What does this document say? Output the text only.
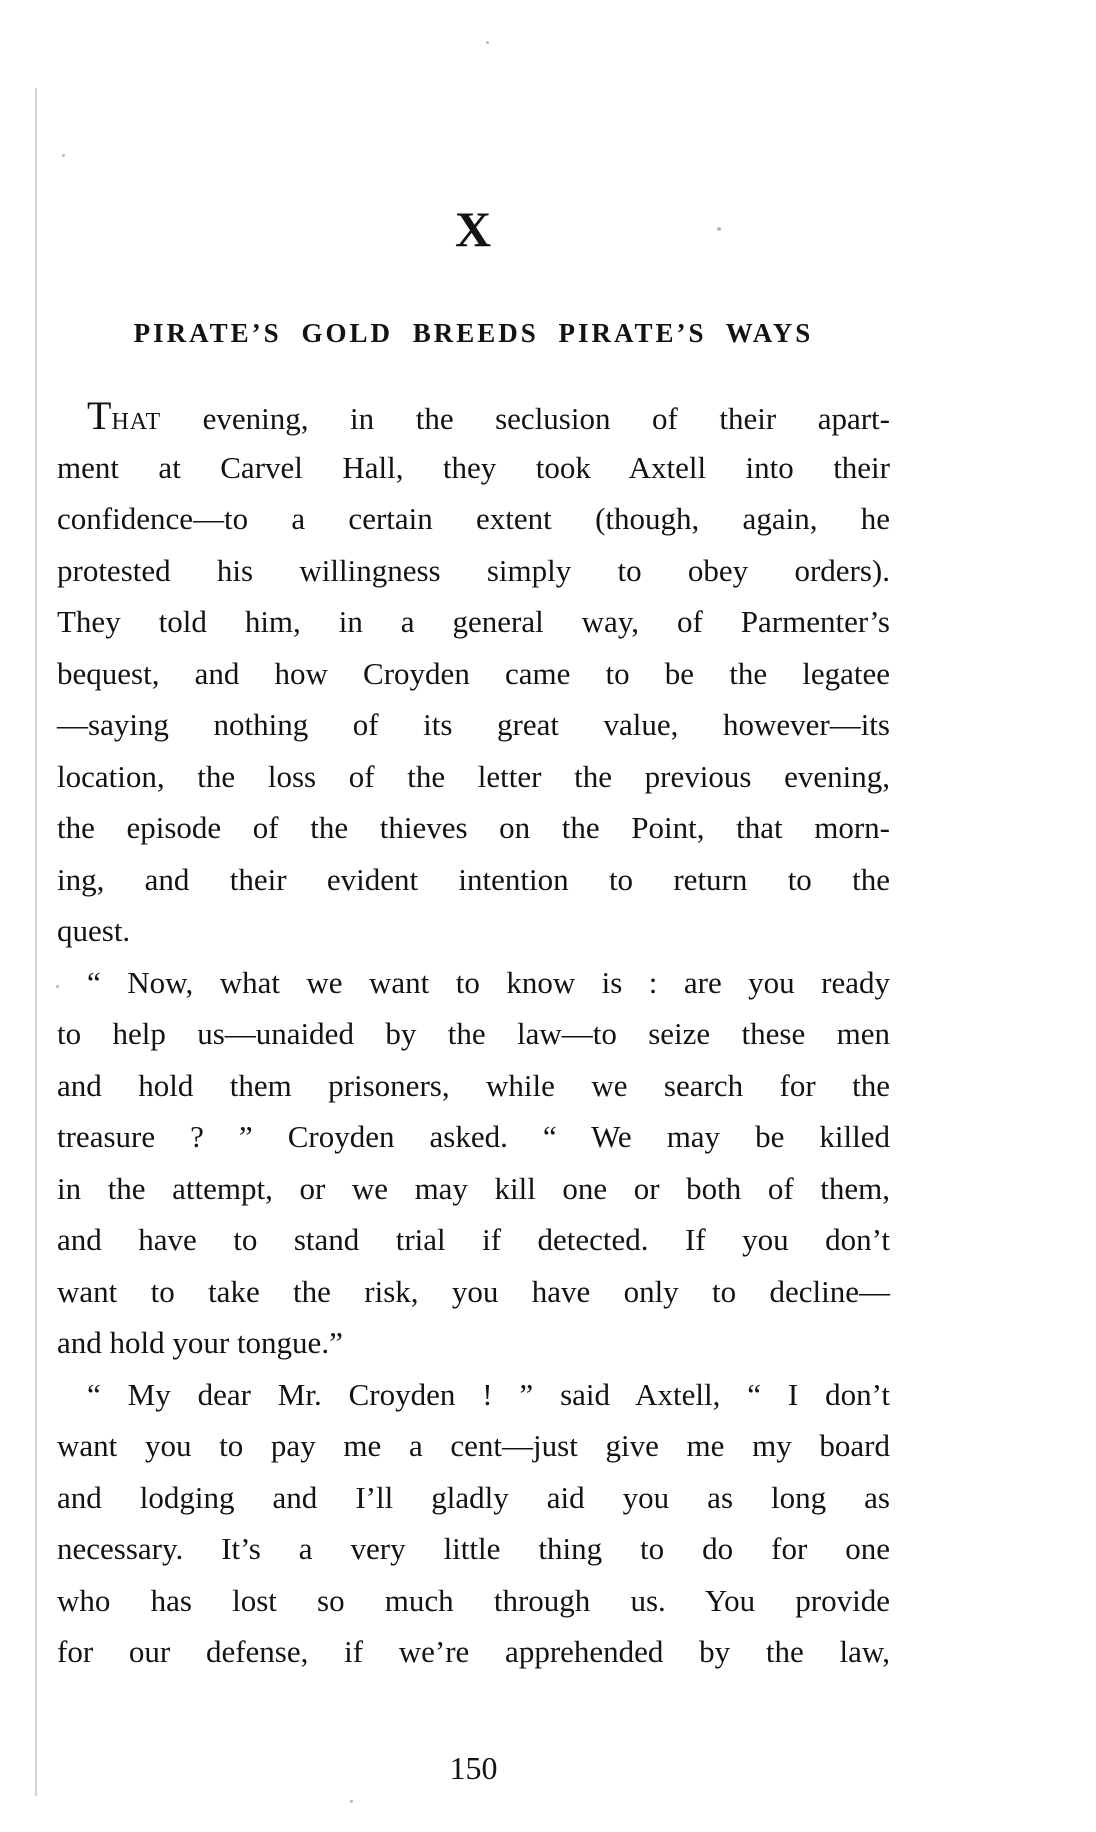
X
PIRATE’S GOLD BREEDS PIRATE’S WAYS
THAT evening, in the seclusion of their apart-
ment at Carvel Hall, they took Axtell into their
confidence—to a certain extent (though, again, he
protested his willingness simply to obey orders).
They told him, in a general way, of Parmenter’s
bequest, and how Croyden came to be the legatee
—saying nothing of its great value, however—its
location, the loss of the letter the previous evening,
the episode of the thieves on the Point, that morn-
ing, and their evident intention to return to the
quest.
“ Now, what we want to know is : are you ready
to help us—unaided by the law—to seize these men
and hold them prisoners, while we search for the
treasure ? ” Croyden asked. “ We may be killed
in the attempt, or we may kill one or both of them,
and have to stand trial if detected. If you don’t
want to take the risk, you have only to decline—
and hold your tongue.”
“ My dear Mr. Croyden ! ” said Axtell, “ I don’t
want you to pay me a cent—just give me my board
and lodging and I’ll gladly aid you as long as
necessary. It’s a very little thing to do for one
who has lost so much through us. You provide
for our defense, if we’re apprehended by the law,
150
